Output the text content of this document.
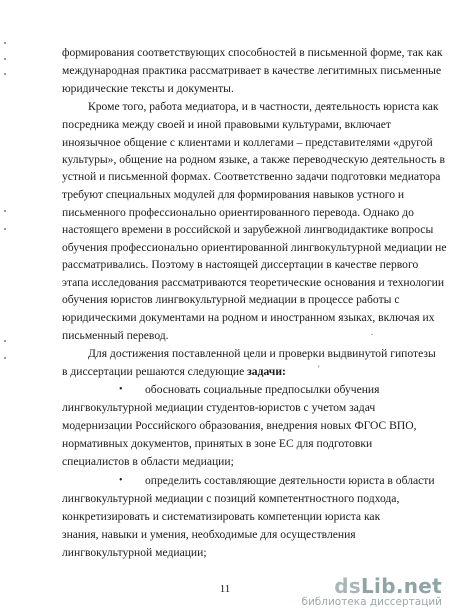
формирования соответствующих способностей в письменной форме, так как
международная практика рассматривает в качестве легитимных письменные
юридические тексты и документы.
Кроме того, работа медиатора, и в частности, деятельность юриста как
посредника между своей и иной правовыми культурами, включает
иноязычное общение с клиентами и коллегами – представителями «другой
культуры», общение на родном языке, а также переводческую деятельность в
устной и письменной формах. Соответственно задачи подготовки медиатора
требуют специальных модулей для формирования навыков устного и
письменного профессионально ориентированного перевода. Однако до
настоящего времени в российской и зарубежной лингводидактике вопросы
обучения профессионально ориентированной лингвокультурной медиации не
рассматривались. Поэтому в настоящей диссертации в качестве первого
этапа исследования рассматриваются теоретические основания и технологии
обучения юристов лингвокультурной медиации в процессе работы с
юридическими документами на родном и иностранном языках, включая их
письменный перевод.	.
Для достижения поставленной цели и проверки выдвинутой гипотезы
в диссертации решаются следующие задачи:	'
• обосновать социальные предпосылки обучения
лингвокультурной медиации студентов-юристов с учетом задач
модернизации Российского образования, внедрения новых ФГОС ВПО,
нормативных документов, принятых в зоне ЕС для подготовки
специалистов в области медиации;
• определить составляющие деятельности юриста в области
лингвокультурной медиации с позиций компетентностного подхода,
конкретизировать и систематизировать компетенции юриста как
знания, навыки и умения, необходимые для осуществления
лингвокультурной медиации;
11	dsLib.net
библиотека диссертаций
